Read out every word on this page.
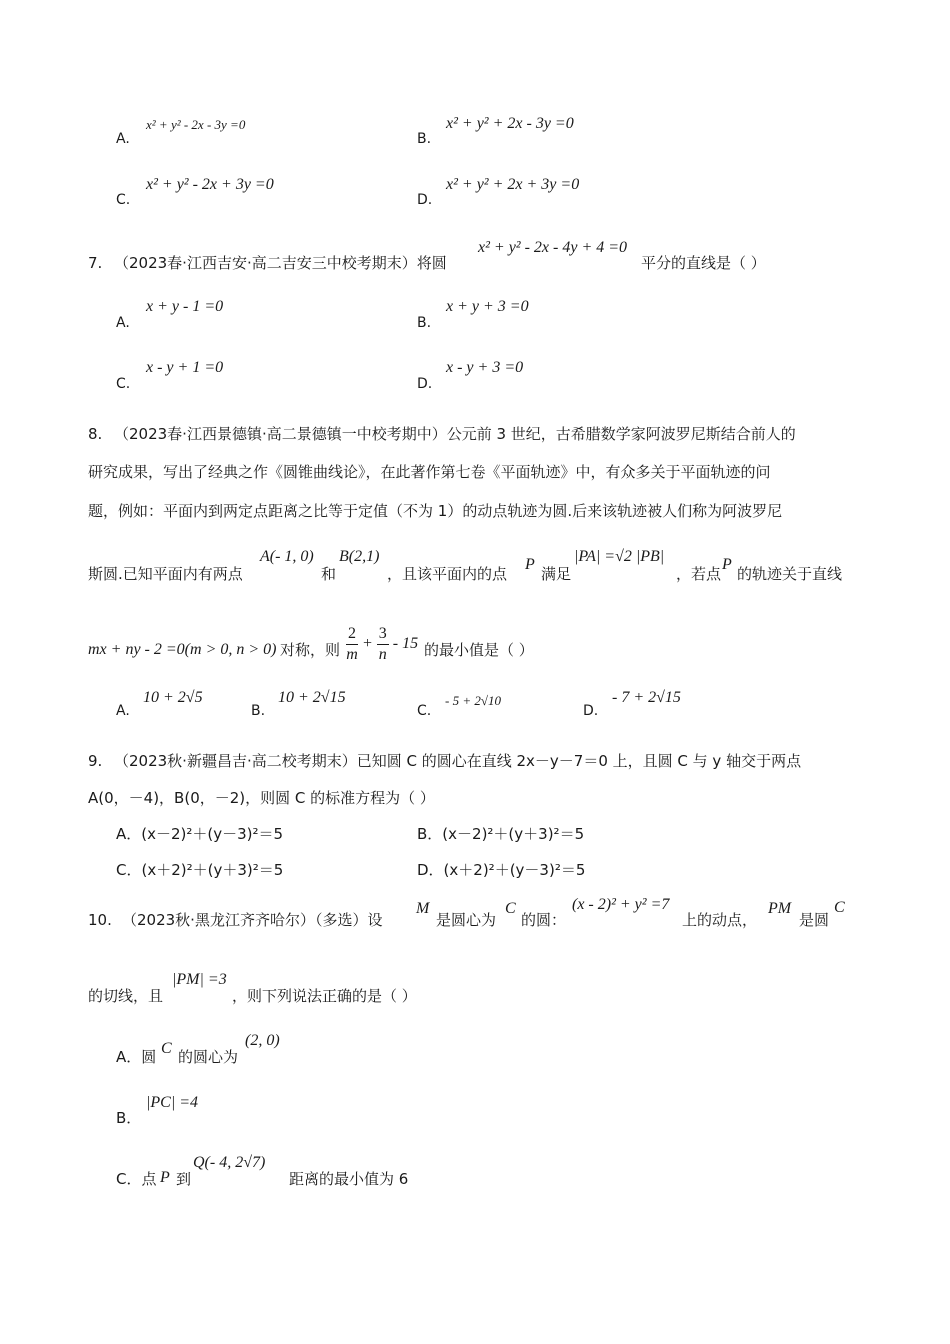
A.
x² + y² - 2x - 3y =0
B.
x² + y² + 2x - 3y =0
C.
x² + y² - 2x + 3y =0
D.
x² + y² + 2x + 3y =0
7. （2023春·江西吉安·高二吉安三中校考期末）将圆
x² + y² - 2x - 4y + 4 =0
平分的直线是（ ）
A.
x + y - 1 =0
B.
x + y + 3 =0
C.
x - y + 1 =0
D.
x - y + 3 =0
8. （2023春·江西景德镇·高二景德镇一中校考期中）公元前 3 世纪，古希腊数学家阿波罗尼斯结合前人的
研究成果，写出了经典之作《圆锥曲线论》，在此著作第七卷《平面轨迹》中，有众多关于平面轨迹的问
题，例如：平面内到两定点距离之比等于定值（不为 1）的动点轨迹为圆.后来该轨迹被人们称为阿波罗尼
斯圆.已知平面内有两点
A(- 1, 0)
和
B(2,1)
，且该平面内的点
P
满足
|PA| =√2 |PB|
，若点
P
的轨迹关于直线
mx + ny - 2 =0(m > 0, n > 0) 对称，则 $\frac{2}{m} + \frac{3}{n} - 15$ 的最小值是（ ）
A.
10 + 2√5
B.
10 + 2√15
C.
- 5 + 2√10
D.
- 7 + 2√15
9. （2023秋·新疆昌吉·高二校考期末）已知圆 C 的圆心在直线 2x－y－7＝0 上，且圆 C 与 y 轴交于两点
A(0，－4)，B(0，－2)，则圆 C 的标准方程为（ ）
A．(x－2)²＋(y－3)²＝5	B．(x－2)²＋(y＋3)²＝5
C．(x＋2)²＋(y＋3)²＝5	D．(x＋2)²＋(y－3)²＝5
10. （2023秋·黑龙江齐齐哈尔）（多选）设
M
是圆心为
C
的圆：
(x - 2)² + y² =7
上的动点，
PM
是圆
C
的切线，且
|PM| =3
，则下列说法正确的是（ ）
A．圆 C 的圆心为
(2, 0)
B．
|PC| =4
C．点 P 到
Q(- 4, 2√7)
距离的最小值为 6
